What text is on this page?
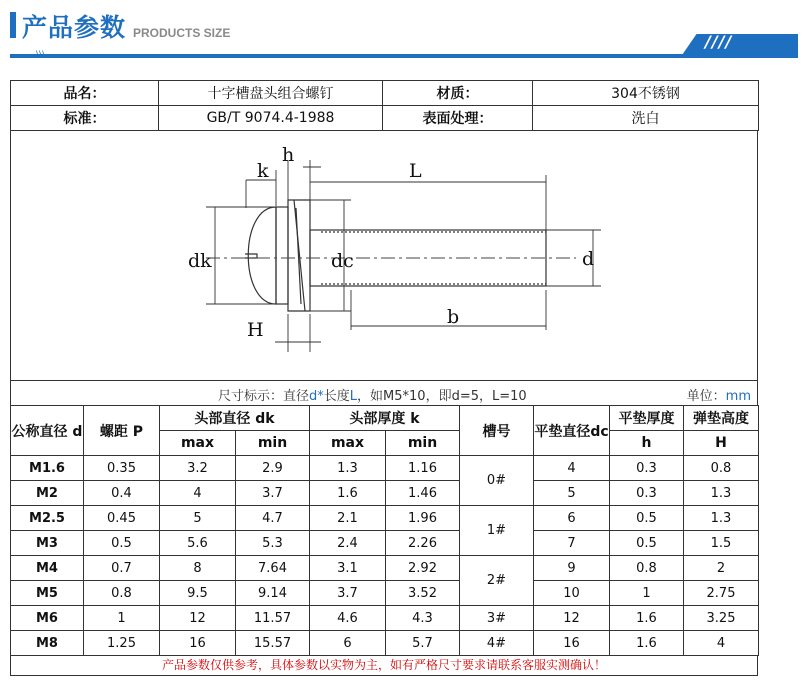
产品参数 PRODUCTS SIZE	////
品名：	十字槽盘头组合螺钉	材质：	304不锈钢
标准：	GB/T 9074.4-1988	表面处理：	洗白
k
h
L
dk	dc	d
H
b
尺寸标示：直径d*长度L，如M5*10，即d=5，L=10	单位：mm
公称直径 d	螺距 P	头部直径 dk		头部厚度 k		槽号	平垫直径dc	平垫厚度	弹垫高度
		max	min	max	min			h	H
M1.6	0.35	3.2	2.9	1.3	1.16	0#	4	0.3	0.8
M2	0.4	4	3.7	1.6	1.46		5	0.3	1.3
M2.5	0.45	5	4.7	2.1	1.96	1#	6	0.5	1.3
M3	0.5	5.6	5.3	2.4	2.26		7	0.5	1.5
M4	0.7	8	7.64	3.1	2.92	2#	9	0.8	2
M5	0.8	9.5	9.14	3.7	3.52		10	1	2.75
M6	1	12	11.57	4.6	4.3	3#	12	1.6	3.25
M8	1.25	16	15.57	6	5.7	4#	16	1.6	4
产品参数仅供参考，具体参数以实物为主，如有严格尺寸要求请联系客服实测确认！
